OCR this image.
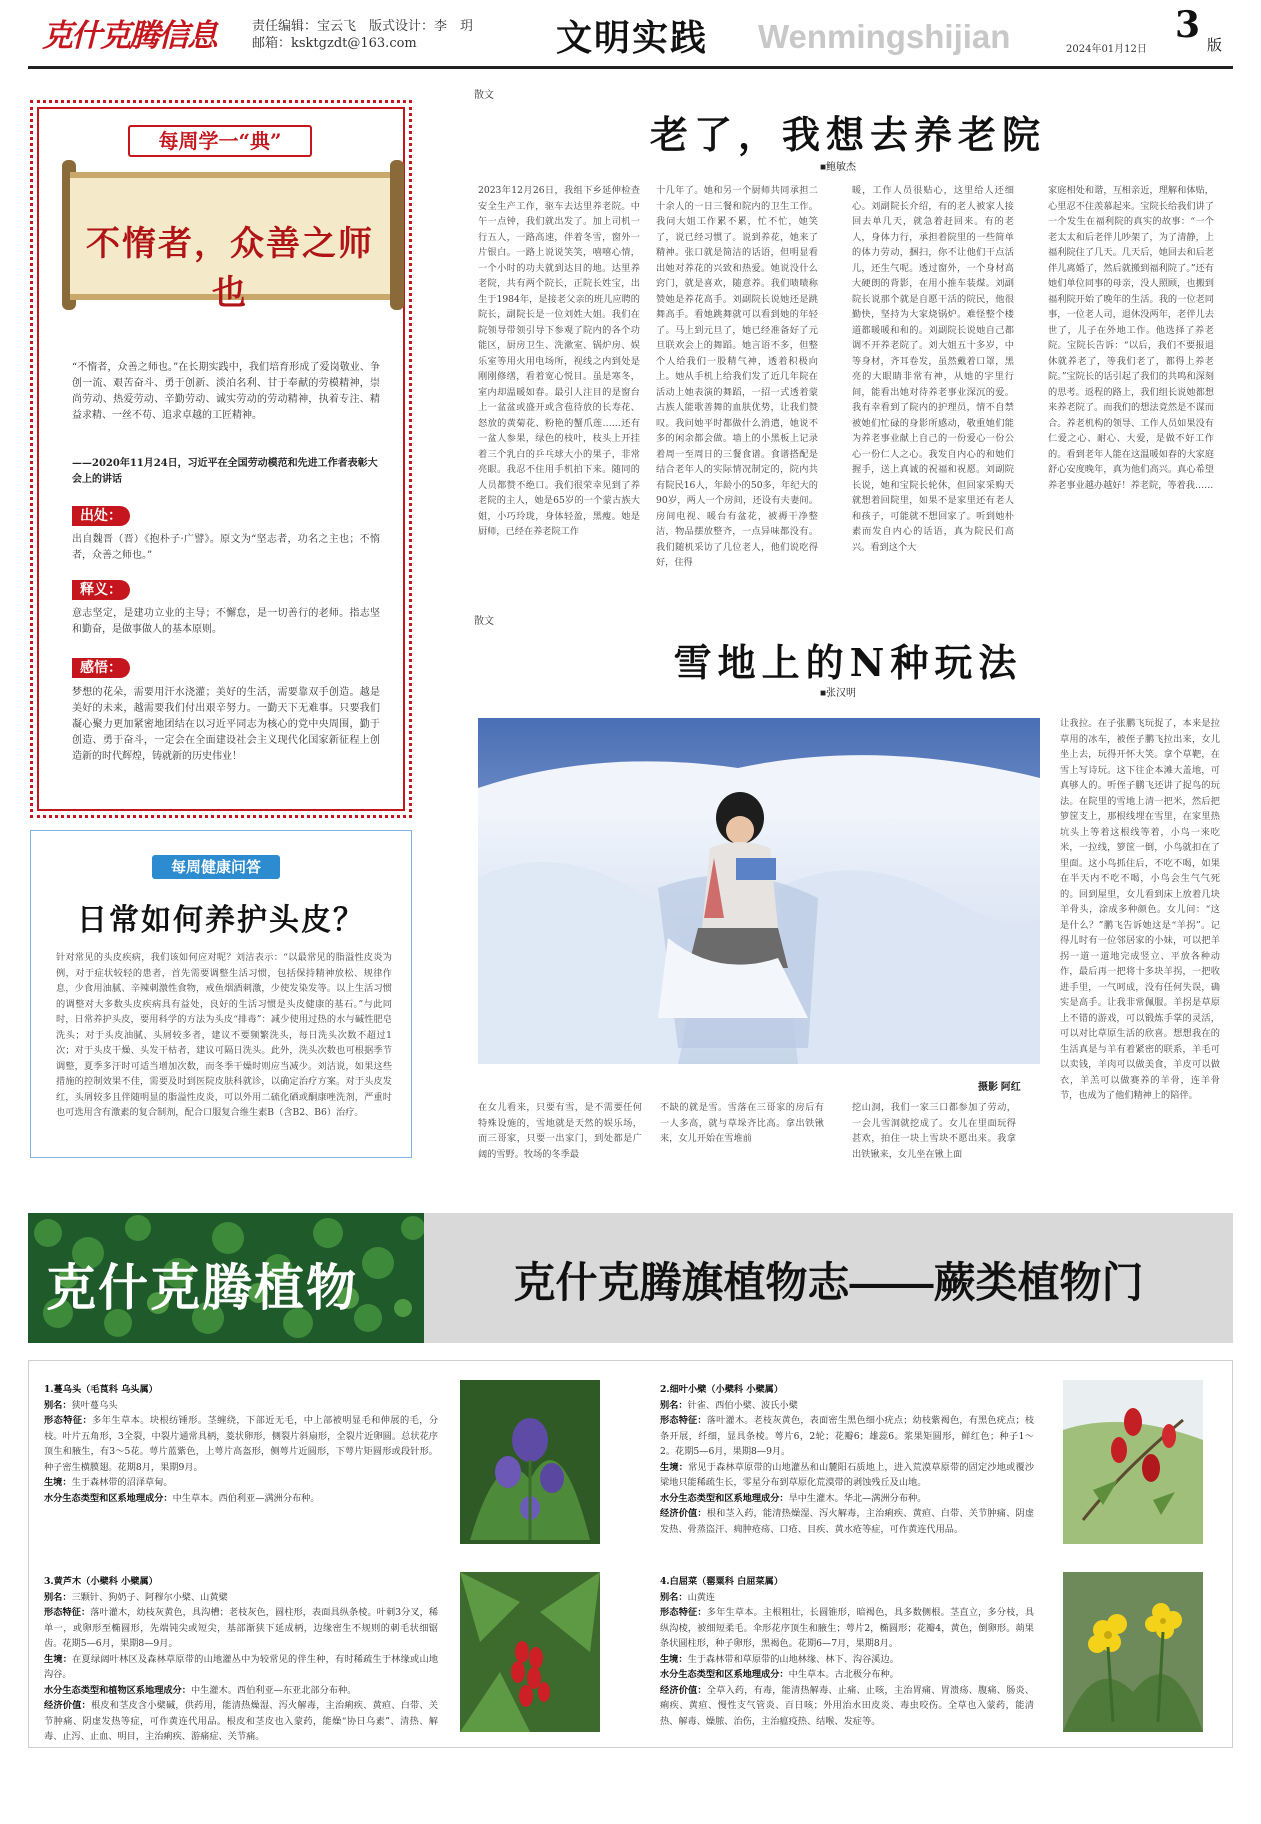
克什克腾信息	责任编辑：宝云飞　版式设计：李　玥
邮箱：ksktgzdt@163.com	文明实践 Wenmingshijian	2024年01月12日
3 版
每周学一“典”
不惰者，众善之师也
“不惰者，众善之师也。”在长期实践中，我们培育形成了爱岗敬业、争创一流、艰苦奋斗、勇于创新、淡泊名利、甘于奉献的劳模精神，崇尚劳动、热爱劳动、辛勤劳动、诚实劳动的劳动精神，执着专注、精益求精、一丝不苟、追求卓越的工匠精神。
——2020年11月24日，习近平在全国劳动模范和先进工作者表彰大会上的讲话
出处：
出自魏晋（晋）《抱朴子·广譬》。原文为“坚志者，功名之主也；不惰者，众善之师也。”
释义：
意志坚定，是建功立业的主导；不懈怠，是一切善行的老师。指志坚和勤奋，是做事做人的基本原则。
感悟：
梦想的花朵，需要用汗水浇灌；美好的生活，需要靠双手创造。越是美好的未来，越需要我们付出艰辛努力。一勤天下无难事。只要我们凝心聚力更加紧密地团结在以习近平同志为核心的党中央周围，勤于创造、勇于奋斗，一定会在全面建设社会主义现代化国家新征程上创造新的时代辉煌，铸就新的历史伟业！
每周健康问答
日常如何养护头皮？
针对常见的头皮疾病，我们该如何应对呢？刘洁表示：“以最常见的脂溢性皮炎为例，对于症状较轻的患者，首先需要调整生活习惯，包括保持精神放松、规律作息，少食用油腻、辛辣刺激性食物，戒鱼烟酒刺激，少使发染发等。以上生活习惯的调整对大多数头皮疾病具有益处，良好的生活习惯是头皮健康的基石。”与此同时，日常养护头皮，要用科学的方法为头皮“排毒”：减少使用过热的水与碱性肥皂洗头；对于头皮油腻、头屑较多者，建议不要频繁洗头，每日洗头次数不超过1次；对于头皮干燥、头发干枯者，建议可隔日洗头。此外，洗头次数也可根据季节调整，夏季多汗时可适当增加次数，而冬季干燥时则应当减少。刘洁说，如果这些措施的控制效果不佳，需要及时到医院皮肤科就诊，以确定治疗方案。对于头皮发红，头屑较多且伴随明显的脂溢性皮炎，可以外用二硫化硒或酮康唑洗剂，严重时也可选用含有激素的复合制剂，配合口服复合维生素B（含B2、B6）治疗。
散文
老了，我想去养老院
■鲍敏杰
2023年12月26日，我组下乡延伸检查安全生产工作，驱车去达里养老院。中午一点钟，我们就出发了。加上司机一行五人，一路高速，伴着冬雪，窗外一片银白。一路上说说笑笑，嘻嘻心情，一个小时的功夫就到达目的地。达里养老院，共有两个院长，正院长姓宝，出生于1984年，是接老父亲的班儿应聘的院长，副院长是一位刘姓大姐。我们在院领导带领引导下参观了院内的各个功能区，厨房卫生、洗漱室、锅炉房、娱乐室等用火用电场所，视线之内到处是刚刚修缮，看着宽心悦目。虽是寒冬，室内却温暖如春。最引人注目的是窗台上一盆盆或盛开或含苞待放的长寿花、怒放的黄菊花、粉艳的蟹爪莲……还有一盆人参果，绿色的枝叶，枝头上开挂着三个乳白的乒乓球大小的果子，非常亮眼。我忍不住用手机拍下来。随同的人员都赞不绝口。我们很荣幸见到了养老院的主人，她是65岁的一个蒙古族大姐，小巧玲珑，身体轻盈，黑瘦。她是厨师，已经在养老院工作
十几年了。她和另一个厨师共同承担二十余人的一日三餐和院内的卫生工作。我问大姐工作累不累，忙不忙，她笑了，说已经习惯了。说到养花，她来了精神。张口就是简洁的话语，但明显看出她对养花的兴致和热爱。她说没什么窍门，就是喜欢，随意养。我们啧啧称赞她是养花高手。刘副院长说她还是跳舞高手。看她跳舞就可以看到她的年轻了。马上到元旦了，她已经准备好了元旦联欢会上的舞蹈。她言语不多，但整个人给我们一股精气神，透着积极向上。她从手机上给我们发了近几年院在活动上她表演的舞蹈，一招一式透着蒙古族人能歌善舞的血肤优势，让我们赞叹。我问她平时都做什么消遣，她说不多的闲余都会做。墙上的小黑板上记录着周一至周日的三餐食谱。食谱搭配是结合老年人的实际情况制定的，院内共有院民16人，年龄小的50多，年纪大的90岁，两人一个房间，还设有夫妻间。房间电视、暖台有盆花，被褥干净整洁，物品摆放整齐，一点异味都没有。我们随机采访了几位老人，他们说吃得好，住得
暖，工作人员很贴心，这里给人还细心。刘副院长介绍，有的老人被家人接回去单几天，就急着赶回来。有的老人，身体力行，承担着院里的一些简单的体力劳动，捆扫，你不让他们干点活儿，还生气呢。透过窗外，一个身材高大硬朗的背影，在用小推车装煤。刘副院长说那个就是自愿干活的院民，他很勤快，坚持为大家烧锅炉。难怪整个楼道都暖暖和和的。刘副院长说她自己都调不开养老院了。刘大姐五十多岁，中等身材，齐耳卷发，虽然戴着口罩，黑亮的大眼睛非常有神，从她的字里行间，能看出她对待养老事业深沉的爱。我有幸看到了院内的护理员，情不自禁被她们忙碌的身影所感动，敬重她们能为养老事业献上自己的一份爱心一份公心一份仁人之心。我发自内心的和她们握手，送上真诚的祝福和祝愿。刘副院长说，她和宝院长轮休，但回家采购天就想着回院里，如果不是家里还有老人和孩子，可能就不想回家了。听到她朴素而发自内心的话语，真为院民们高兴。看到这个大
家庭相处和谐，互相亲近，理解和体贴，心里忍不住羡慕起来。宝院长给我们讲了一个发生在福利院的真实的故事：“一个老太太和后老伴儿吵架了，为了清静，上福利院住了几天。几天后，她回去和后老伴儿离婚了，然后就搬到福利院了。”还有她们单位同事的母亲，没人照顾，也搬到福利院开始了晚年的生活。我的一位老同事，一位老人司，退休没两年，老伴儿去世了，儿子在外地工作。他选择了养老院。宝院长告诉：“以后，我们不要报退休就养老了，等我们老了，都得上养老院。”宝院长的话引起了我们的共鸣和深刻的思考。返程的路上，我们组长说她都想来养老院了。而我们的想法竟然是不谋而合。养老机构的领导、工作人员如果没有仁爱之心、耐心、大爱，是做不好工作的。看到老年人能在这温暖如春的大家庭舒心安度晚年，真为他们高兴。真心希望养老事业越办越好！养老院，等着我……
散文
雪地上的N种玩法
■张汉明
摄影 阿红
让我拉。在子张鹏飞玩捉了，本来是拉草用的冰车，被侄子鹏飞拉出来，女儿坐上去，玩得开怀大笑。拿个草靶，在雪上写诗玩。这下往企本滩大盖地，可真够人的。听侄子鹏飞还讲了捉鸟的玩法。在院里的雪地上清一把米，然后把箩筐支上，那根线埋在雪里，在家里热坑头上等着这根线等着，小鸟一来吃米，一拉线，箩筐一倒，小鸟就扣在了里面。这小鸟抓住后，不吃不喝，如果在半天内不吃不喝，小鸟会生气气死的。回到屋里，女儿看到床上放着几块羊骨头，涂成多种颜色。女儿问：“这是什么？”鹏飞告诉她这是“羊拐”。记得儿时有一位邻居家的小妹，可以把羊拐一道一道地完成竖立、平放各种动作，最后再一把将十多块羊拐，一把收进手里，一气呵成，没有任何失误，确实是高手。让我非常佩服。羊拐是草原上不错的游戏，可以锻炼手掌的灵活，可以对比草原生活的欣喜。想想我在的生活真是与羊有着紧密的联系，羊毛可以卖钱，羊肉可以做美食，羊皮可以做衣，羊羔可以做赛养的羊骨，连羊骨节，也成为了他们精神上的陪伴。
在女儿看来，只要有雪，是不需要任何特殊设施的，雪地就是天然的娱乐场，而三哥家，只要一出家门，到处都是广阔的雪野。牧场的冬季最
不缺的就是雪。雪落在三哥家的房后有一人多高，就与草垛齐比高。拿出铁锹来，女儿开始在雪堆前
挖山洞，我们一家三口都参加了劳动，一会儿雪洞就挖成了。女儿在里面玩得甚欢，拍住一块上雪块不愿出来。我拿出铁锹来，女儿坐在锹上面
克什克腾植物	克什克腾旗植物志——蕨类植物门
1.蔓乌头（毛茛科 乌头属）
别名：狭叶蔓乌头
形态特征：多年生草本。块根纺锤形。茎缠绕，下部近无毛，中上部被明显毛和伸展的毛，分枝。叶片五角形，3全裂，中裂片通常具柄，菱状卵形，侧裂片斜扇形，全裂片近卵圆。总状花序顶生和腋生，有3～5花。萼片蓝紫色，上萼片高盔形，侧萼片近圆形，下萼片矩圆形或段针形。种子密生横膜翅。花期8月，果期9月。
生境：生于森林带的沼泽草甸。
水分生态类型和区系地理成分：中生草本。西伯利亚—满洲分布种。
2.细叶小檗（小檗科 小檗属）
别名：针雀、西伯小檗、波氏小檗
形态特征：落叶灌木。老枝灰黄色，表面密生黑色细小疣点；幼枝紫褐色，有黑色疣点；枝条开展，纤细，显具条棱。萼片6，2轮；花瓣6；雄蕊6。浆果矩圆形，鲜红色；种子1～2。花期5—6月，果期8—9月。
生境：常见于森林草原带的山地灌丛和山麓阳石质地上，进入荒漠草原带的固定沙地或覆沙梁地只能稀疏生长，零星分布到草原化荒漠带的剥蚀残丘及山地。
水分生态类型和区系地理成分：旱中生灌木。华北—满洲分布种。
经济价值：根和茎入药，能清热燥湿、泻火解毒，主治痢疾、黄疸、白带、关节肿痛、阴虚发热、骨蒸盗汗、痈肿疮疡、口疮、目疾、黄水疮等症，可作黄连代用品。
3.黄芦木（小檗科 小檗属）
别名：三颗针、狗奶子、阿穆尔小檗、山黄檗
形态特征：落叶灌木，幼枝灰黄色，具沟槽；老枝灰色，圆柱形，表面具纵条棱。叶刺3分叉，稀单一，或卵形至椭圆形，先端钝尖或短尖，基部渐狭下延成柄，边缘密生不规则的刺毛状细锯齿。花期5—6月，果期8—9月。
生境：在夏绿阔叶林区及森林草原带的山地灌丛中为较常见的伴生种，有时稀疏生于林缘或山地沟谷。
水分生态类型和植物区系地理成分：中生灌木。西伯利亚—东亚北部分布种。
经济价值：根皮和茎皮含小檗碱，供药用，能清热燥湿、泻火解毒，主治痢疾、黄疸、白带、关节肿痛、阴虚发热等症，可作黄连代用品。根皮和茎皮也入蒙药，能燥“协日乌素”、清热、解毒、止泻、止血、明目，主治痢疾、游痛症、关节痛。
4.白屈菜（罂粟科 白屈菜属）
别名：山黄连
形态特征：多年生草本。主根粗壮，长圆锥形，暗褐色，具多数侧根。茎直立，多分枝，具纵沟棱，被细短柔毛。伞形花序顶生和腋生；萼片2，椭圆形；花瓣4，黄色，倒卵形。蒴果条状圆柱形，种子卵形，黑褐色。花期6—7月，果期8月。
生境：生于森林带和草原带的山地林缘、林下、沟谷溪边。
水分生态类型和区系地理成分：中生草本。古北极分布种。
经济价值：全草入药，有毒，能清热解毒、止痛、止咳，主治胃痛、胃溃疡、腹痛、肠炎、痢疾、黄疸、慢性支气管炎、百日咳；外用治水田皮炎、毒虫咬伤。全草也入蒙药，能清热、解毒、燥脓、治伤，主治瘟疫热、结喉、发症等。
